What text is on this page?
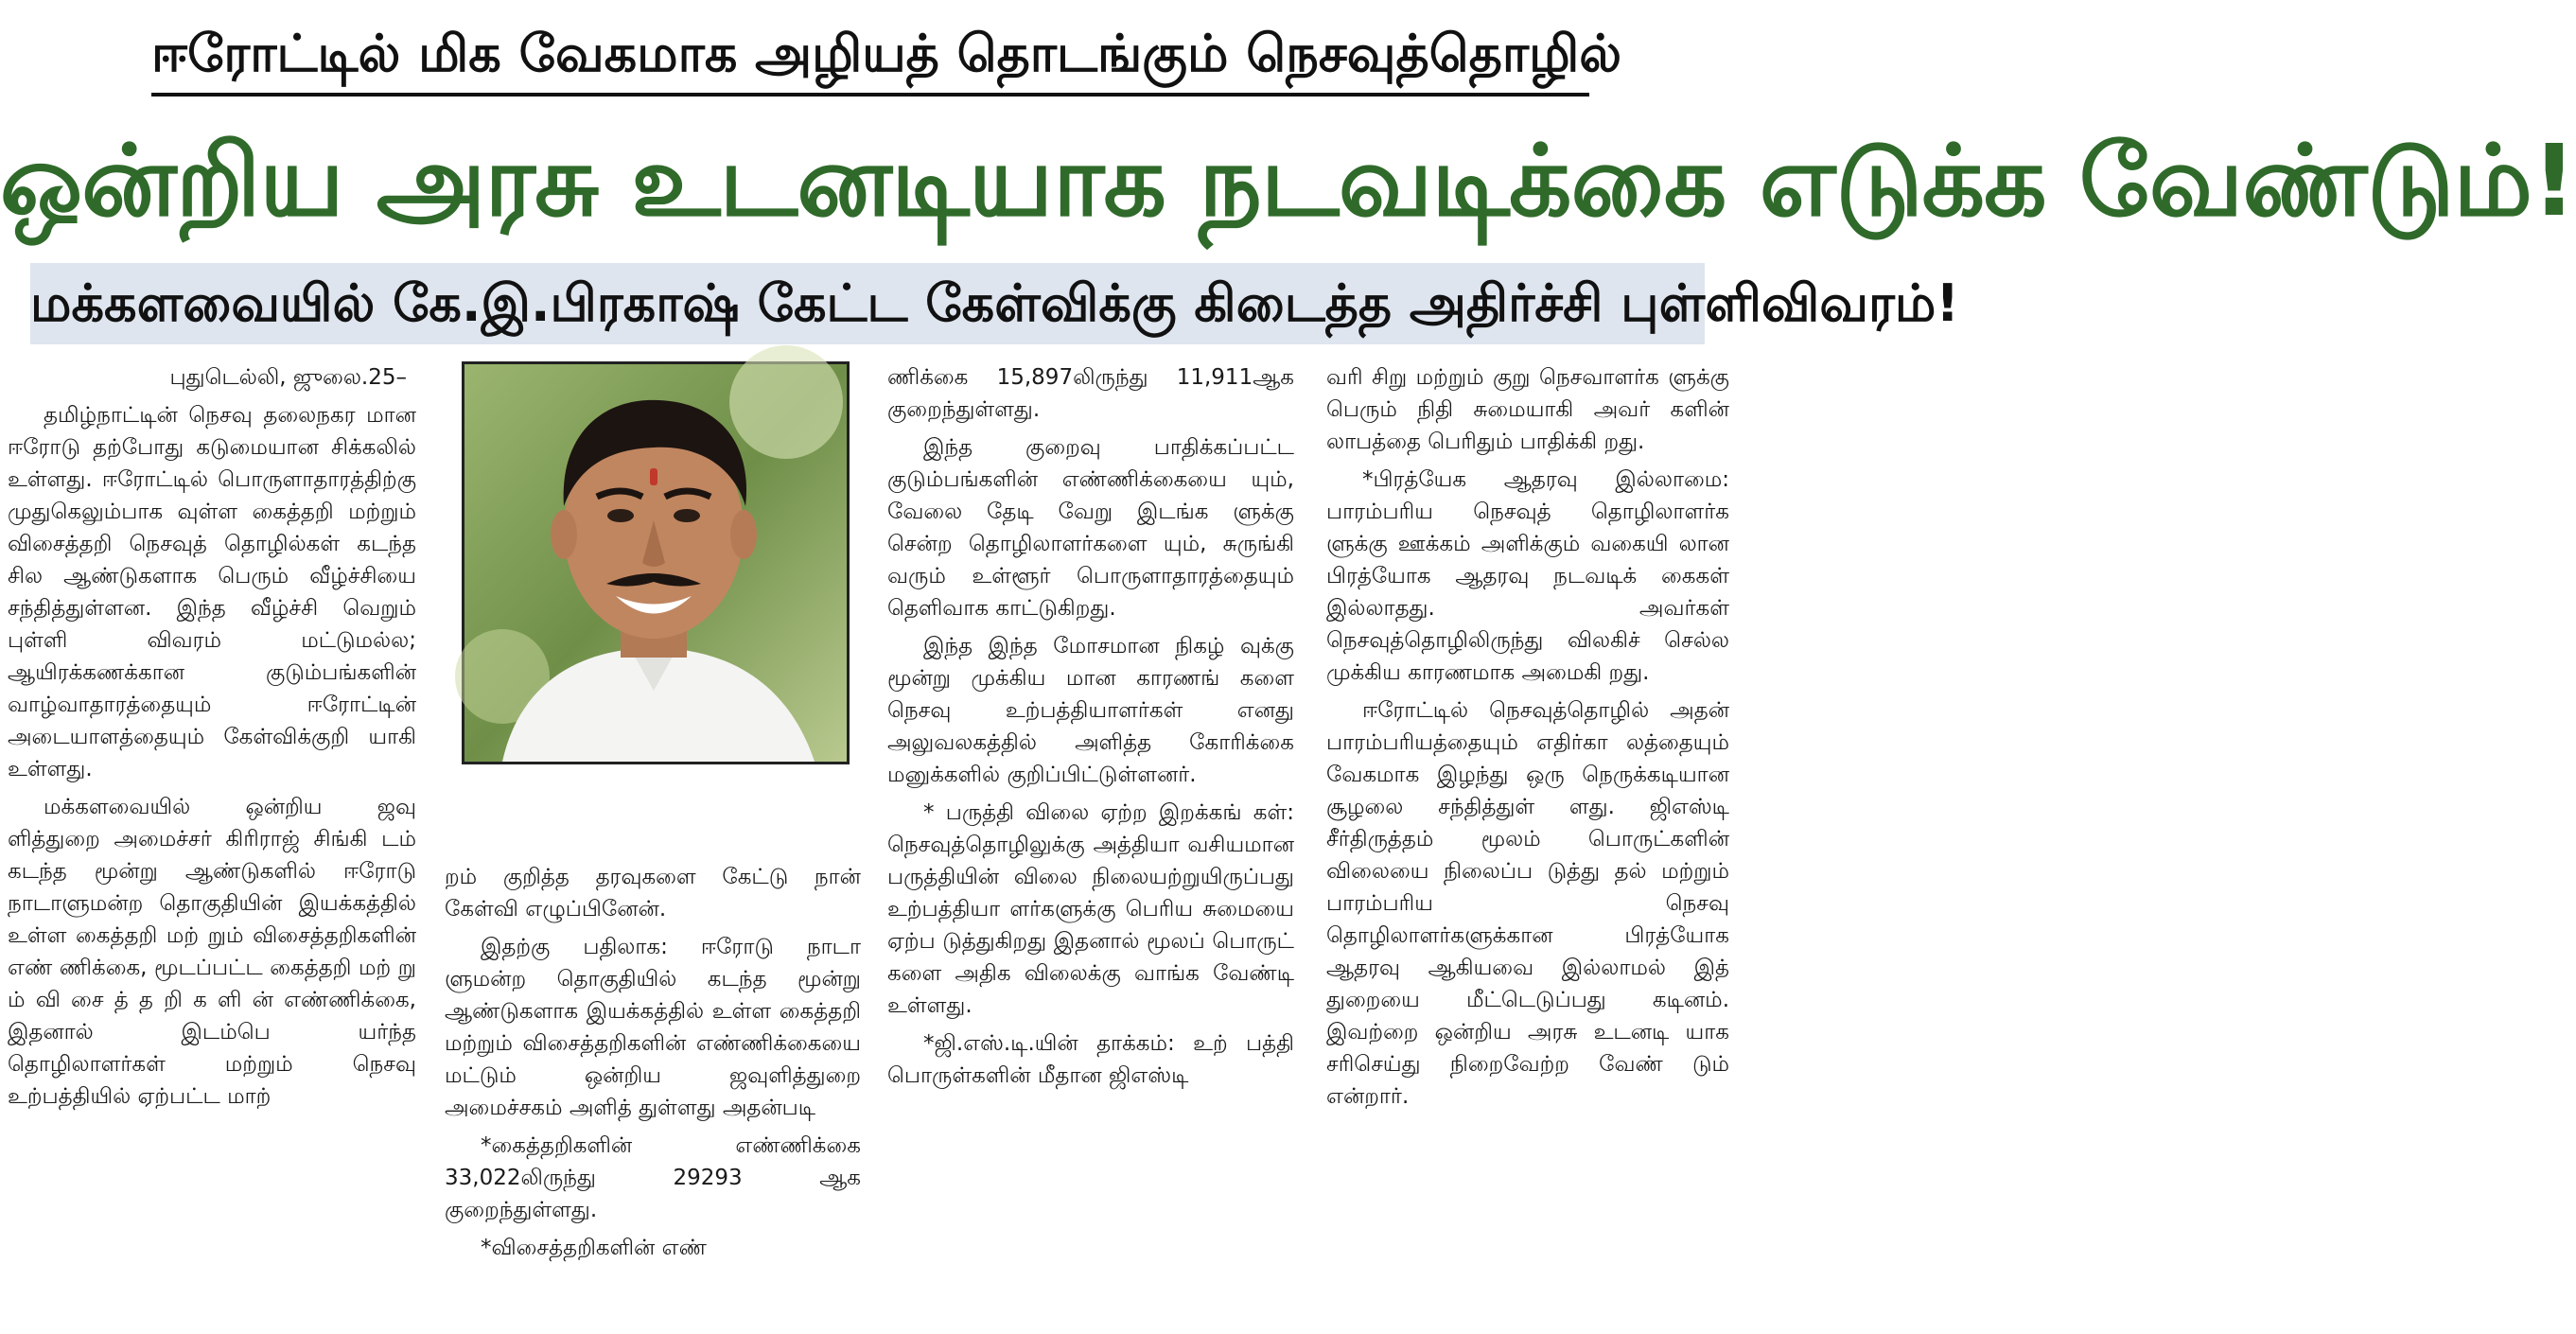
ஈரோட்டில் மிக வேகமாக அழியத் தொடங்கும் நெசவுத்தொழில்
ஒன்றிய அரசு உடனடியாக நடவடிக்கை எடுக்க வேண்டும்!
மக்களவையில் கே.இ.பிரகாஷ் கேட்ட கேள்விக்கு கிடைத்த அதிர்ச்சி புள்ளிவிவரம்!

புதுடெல்லி, ஜுலை.25–

தமிழ்நாட்டின் நெசவு தலைநகர மான ஈரோடு தற்போது கடுமையான சிக்கலில் உள்ளது. ஈரோட்டில் பொருளாதாரத்திற்கு முதுகெலும்பாக வுள்ள கைத்தறி மற்றும் விசைத்தறி நெசவுத் தொழில்கள் கடந்த சில ஆண்டுகளாக பெரும் வீழ்ச்சியை சந்தித்துள்ளன. இந்த வீழ்ச்சி வெறும் புள்ளி விவரம் மட்டுமல்ல; ஆயிரக்கணக்கான குடும்பங்களின் வாழ்வாதாரத்தையும் ஈரோட்டின் அடையாளத்தையும் கேள்விக்குறி யாகி உள்ளது.

மக்களவையில் ஒன்றிய ஜவு ளித்துறை அமைச்சர் கிரிராஜ் சிங்கி டம் கடந்த மூன்று ஆண்டுகளில் ஈரோடு நாடாளுமன்ற தொகுதியின் இயக்கத்தில் உள்ள கைத்தறி மற் றும் விசைத்தறிகளின் எண் ணிக்கை, மூடப்பட்ட கைத்தறி மற் று ம் வி சை த் த றி க ளி ன் எண்ணிக்கை, இதனால் இடம்பெ யர்ந்த தொழிலாளர்கள் மற்றும் நெசவு உற்பத்தியில் ஏற்பட்ட மாற்

றம் குறித்த தரவுகளை கேட்டு நான் கேள்வி எழுப்பினேன்.

இதற்கு பதிலாக: ஈரோடு நாடா ளுமன்ற தொகுதியில் கடந்த மூன்று ஆண்டுகளாக இயக்கத்தில் உள்ள கைத்தறி மற்றும் விசைத்தறிகளின் எண்ணிக்கையை மட்டும் ஒன்றிய ஜவுளித்துறை அமைச்சகம் அளித் துள்ளது அதன்படி

*கைத்தறிகளின் எண்ணிக்கை 33,022லிருந்து 29293 ஆக குறைந்துள்ளது.

*விசைத்தறிகளின் எண்

ணிக்கை 15,897லிருந்து 11,911ஆக குறைந்துள்ளது.

இந்த குறைவு பாதிக்கப்பட்ட குடும்பங்களின் எண்ணிக்கையை யும், வேலை தேடி வேறு இடங்க ளுக்கு சென்ற தொழிலாளர்களை யும், சுருங்கி வரும் உள்ளூர் பொருளாதாரத்தையும் தெளிவாக காட்டுகிறது.

இந்த இந்த மோசமான நிகழ் வுக்கு மூன்று முக்கிய மான காரணங் களை நெசவு உற்பத்தியாளர்கள் எனது அலுவலகத்தில் அளித்த கோரிக்கை மனுக்களில் குறிப்பிட்டுள்ளனர்.

* பருத்தி விலை ஏற்ற இறக்கங் கள்: நெசவுத்தொழிலுக்கு அத்தியா வசியமான பருத்தியின் விலை நிலையற்றுயிருப்பது உற்பத்தியா ளர்களுக்கு பெரிய சுமையை ஏற்ப டுத்துகிறது இதனால் மூலப் பொருட் களை அதிக விலைக்கு வாங்க வேண்டி உள்ளது.

*ஜி.எஸ்.டி.யின் தாக்கம்: உற் பத்தி பொருள்களின் மீதான ஜிஎஸ்டி

வரி சிறு மற்றும் குறு நெசவாளர்க ளுக்கு பெரும் நிதி சுமையாகி அவர் களின் லாபத்தை பெரிதும் பாதிக்கி றது.

*பிரத்யேக ஆதரவு இல்லாமை: பாரம்பரிய நெசவுத் தொழிலாளர்க ளுக்கு ஊக்கம் அளிக்கும் வகையி லான பிரத்யோக ஆதரவு நடவடிக் கைகள் இல்லாதது. அவர்கள் நெசவுத்தொழிலிருந்து விலகிச் செல்ல முக்கிய காரணமாக அமைகி றது.

ஈரோட்டில் நெசவுத்தொழில் அதன் பாரம்பரியத்தையும் எதிர்கா லத்தையும் வேகமாக இழந்து ஒரு நெருக்கடியான சூழலை சந்தித்துள் ளது. ஜிஎஸ்டி சீர்திருத்தம் மூலம் பொருட்களின் விலையை நிலைப்ப டுத்து தல் மற்றும் பாரம்பரிய நெசவு தொழிலாளர்களுக்கான பிரத்யோக ஆதரவு ஆகியவை இல்லாமல் இத் துறையை மீட்டெடுப்பது கடினம். இவற்றை ஒன்றிய அரசு உடனடி யாக சரிசெய்து நிறைவேற்ற வேண் டும் என்றார்.
